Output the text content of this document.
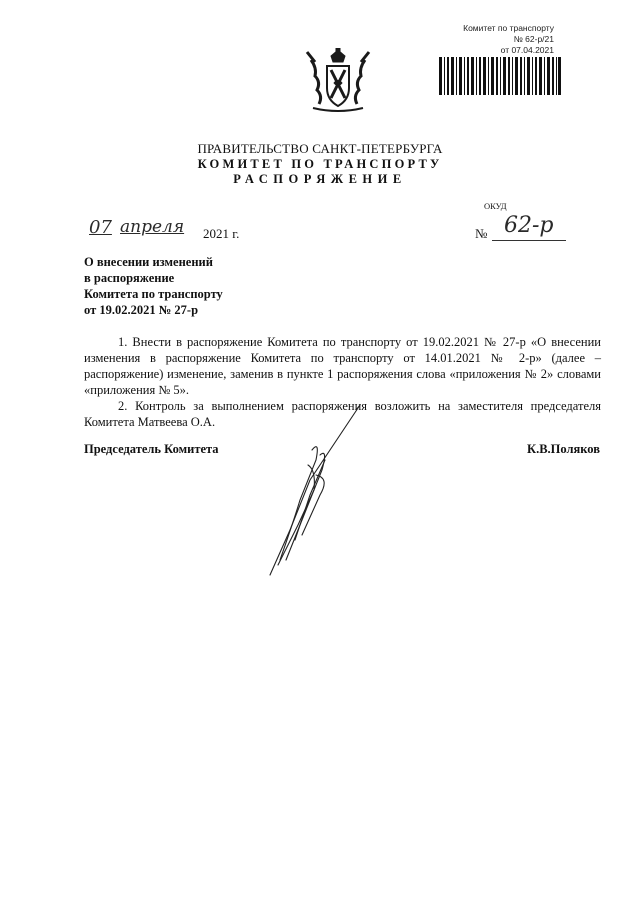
Комитет по транспорту
№ 62-р/21
от 07.04.2021
ПРАВИТЕЛЬСТВО САНКТ-ПЕТЕРБУРГА
КОМИТЕТ ПО ТРАНСПОРТУ
РАСПОРЯЖЕНИЕ
ОКУД
07 апреля 2021 г.	№ 62-р
О внесении изменений
в распоряжение
Комитета по транспорту
от 19.02.2021 № 27-р

1. Внести в распоряжение Комитета по транспорту от 19.02.2021 № 27-р «О внесении изменения в распоряжение Комитета по транспорту от 14.01.2021 № 2-р» (далее – распоряжение) изменение, заменив в пункте 1 распоряжения слова «приложения № 2» словами «приложения № 5».

2. Контроль за выполнением распоряжения возложить на заместителя председателя Комитета Матвеева О.А.

Председатель Комитета	К.В.Поляков
